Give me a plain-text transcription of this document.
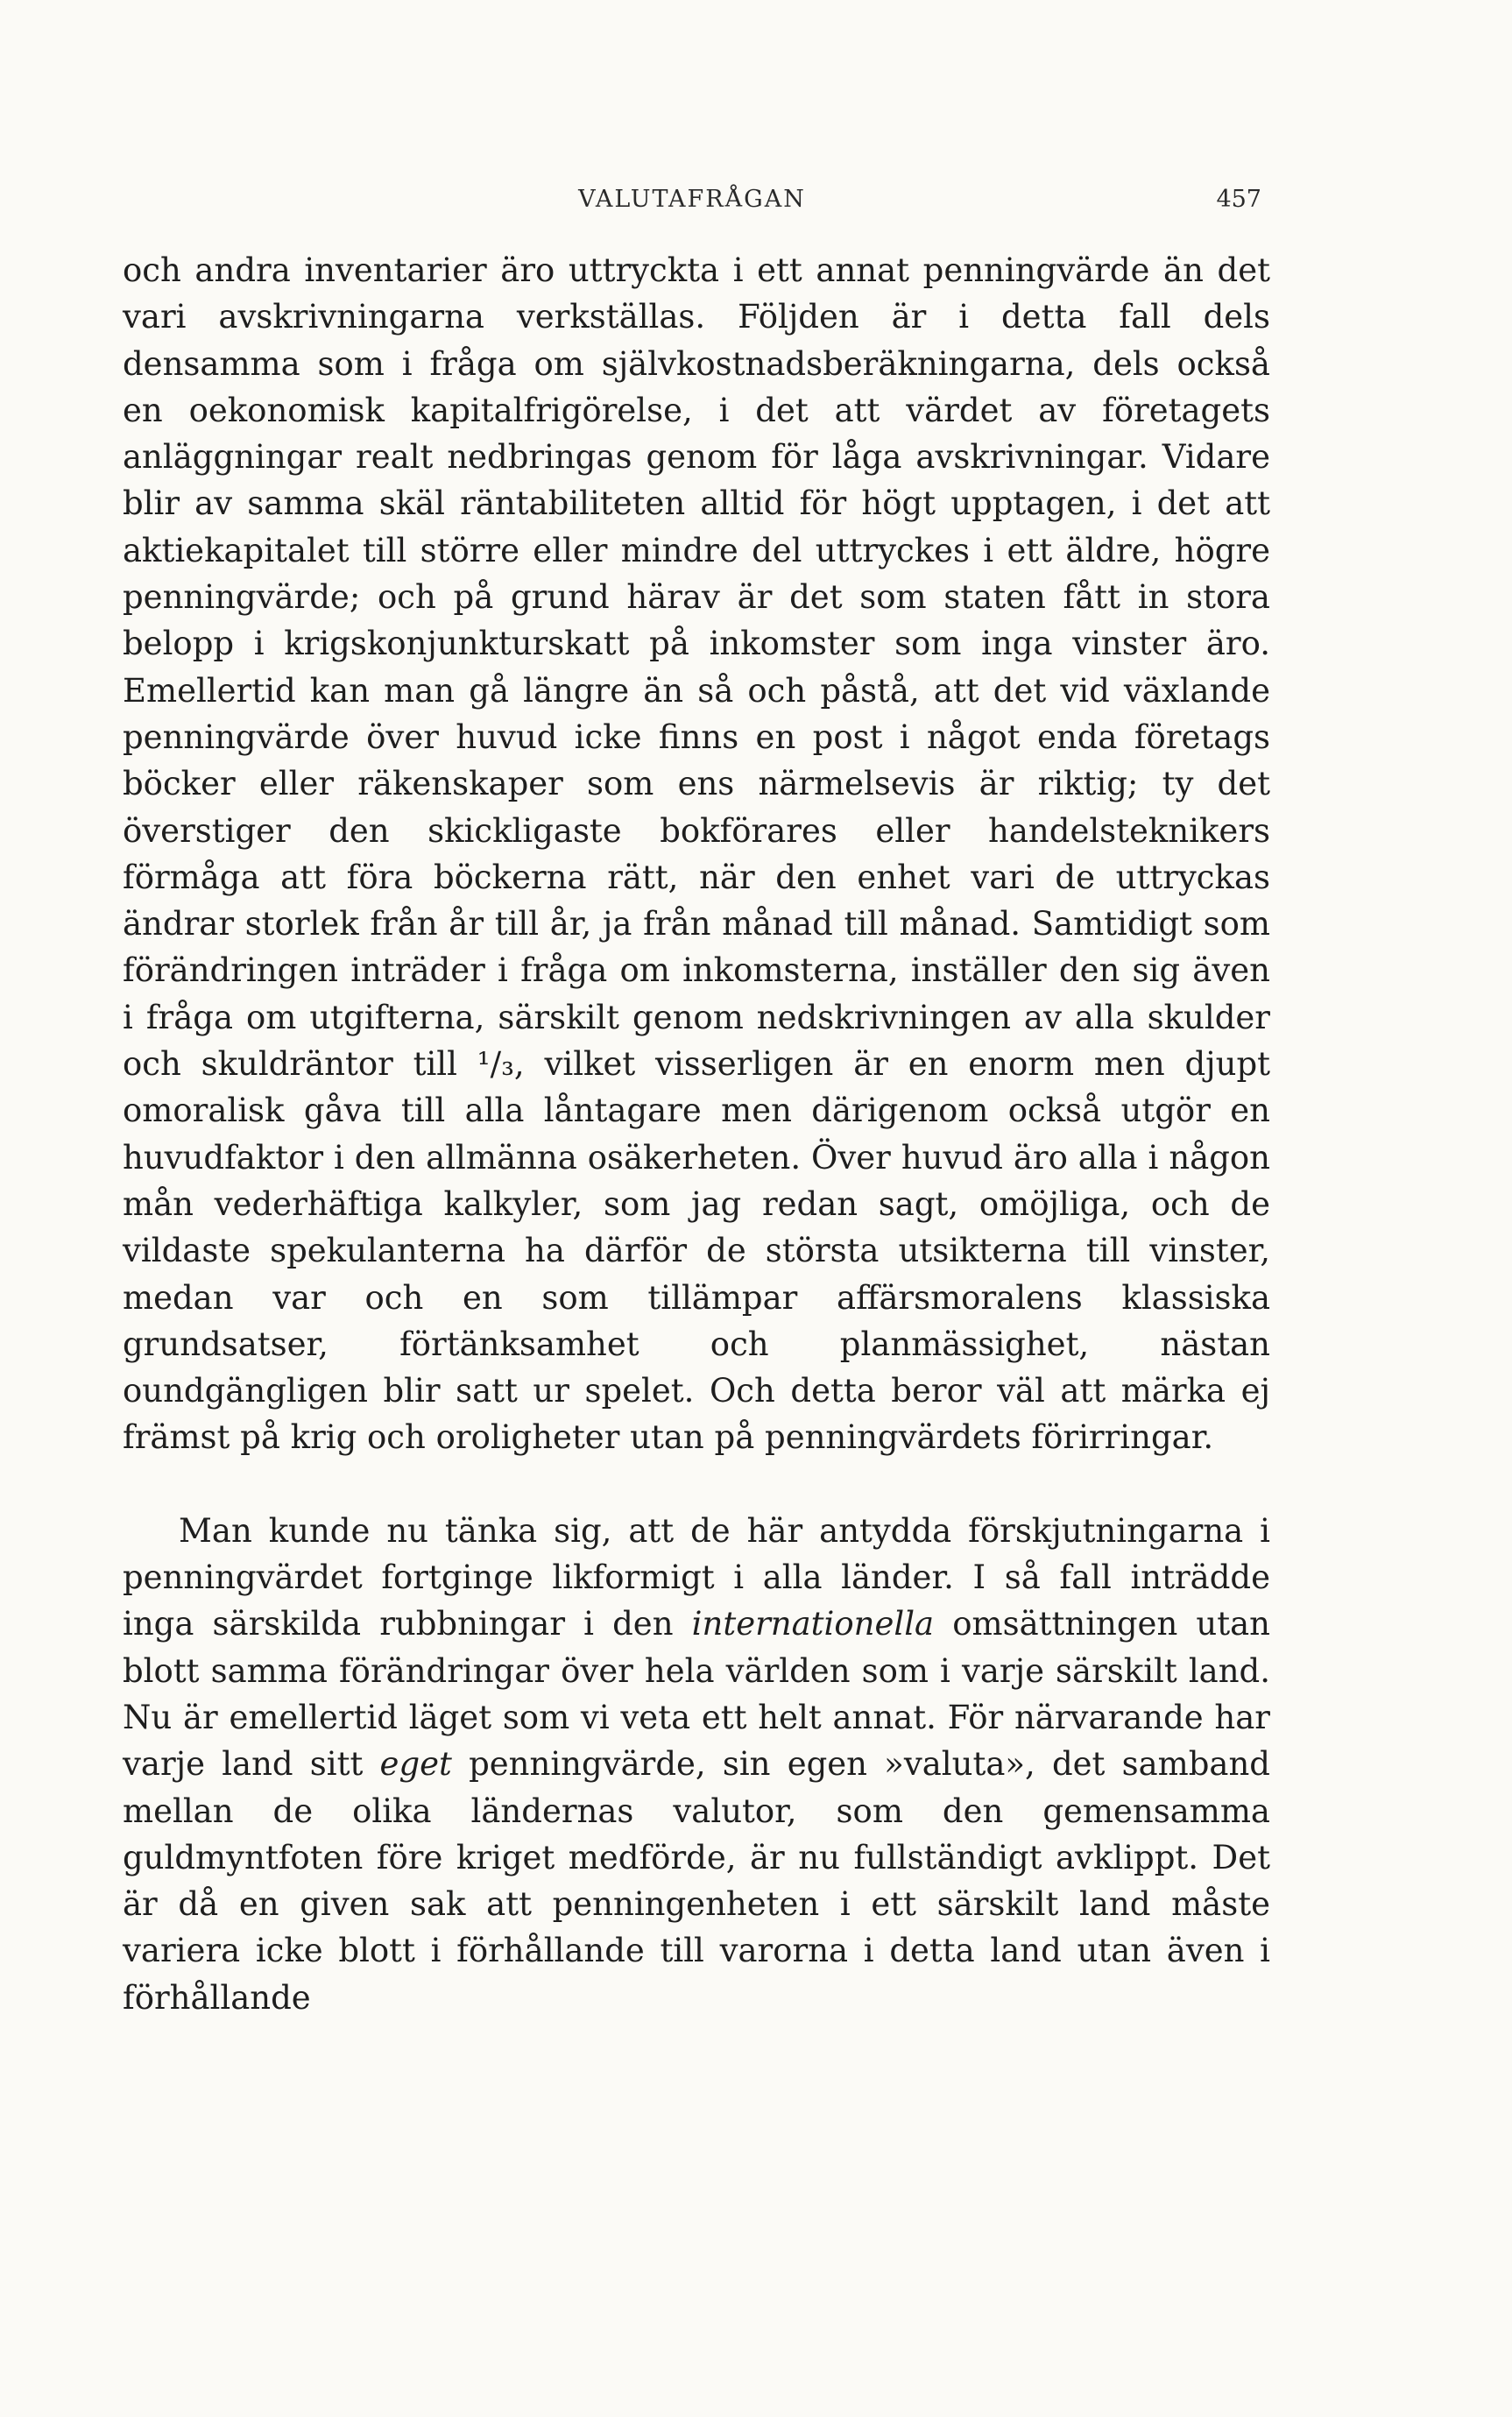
VALUTAFRÅGAN	457

och andra inventarier äro uttryckta i ett annat penningvärde än det vari avskrivningarna verkställas. Följden är i detta fall dels densamma som i fråga om självkostnadsberäkningarna, dels också en oekonomisk kapitalfrigörelse, i det att värdet av företagets anläggningar realt nedbringas genom för låga avskrivningar. Vidare blir av samma skäl räntabiliteten alltid för högt upptagen, i det att aktiekapitalet till större eller mindre del uttryckes i ett äldre, högre penningvärde; och på grund härav är det som staten fått in stora belopp i krigskonjunkturskatt på inkomster som inga vinster äro. Emellertid kan man gå längre än så och påstå, att det vid växlande penningvärde över huvud icke finns en post i något enda företags böcker eller räkenskaper som ens närmelsevis är riktig; ty det överstiger den skickligaste bokförares eller handelsteknikers förmåga att föra böckerna rätt, när den enhet vari de uttryckas ändrar storlek från år till år, ja från månad till månad. Samtidigt som förändringen inträder i fråga om inkomsterna, inställer den sig även i fråga om utgifterna, särskilt genom nedskrivningen av alla skulder och skuldräntor till ¹/₃, vilket visserligen är en enorm men djupt omoralisk gåva till alla låntagare men därigenom också utgör en huvudfaktor i den allmänna osäkerheten. Över huvud äro alla i någon mån vederhäftiga kalkyler, som jag redan sagt, omöjliga, och de vildaste spekulanterna ha därför de största utsikterna till vinster, medan var och en som tillämpar affärsmoralens klassiska grundsatser, förtänksamhet och planmässighet, nästan oundgängligen blir satt ur spelet. Och detta beror väl att märka ej främst på krig och oroligheter utan på penningvärdets förirringar.

Man kunde nu tänka sig, att de här antydda förskjutningarna i penningvärdet fortginge likformigt i alla länder. I så fall inträdde inga särskilda rubbningar i den internationella omsättningen utan blott samma förändringar över hela världen som i varje särskilt land. Nu är emellertid läget som vi veta ett helt annat. För närvarande har varje land sitt eget penningvärde, sin egen »valuta», det samband mellan de olika ländernas valutor, som den gemensamma guldmyntfoten före kriget medförde, är nu fullständigt avklippt. Det är då en given sak att penningenheten i ett särskilt land måste variera icke blott i förhållande till varorna i detta land utan även i förhållande
